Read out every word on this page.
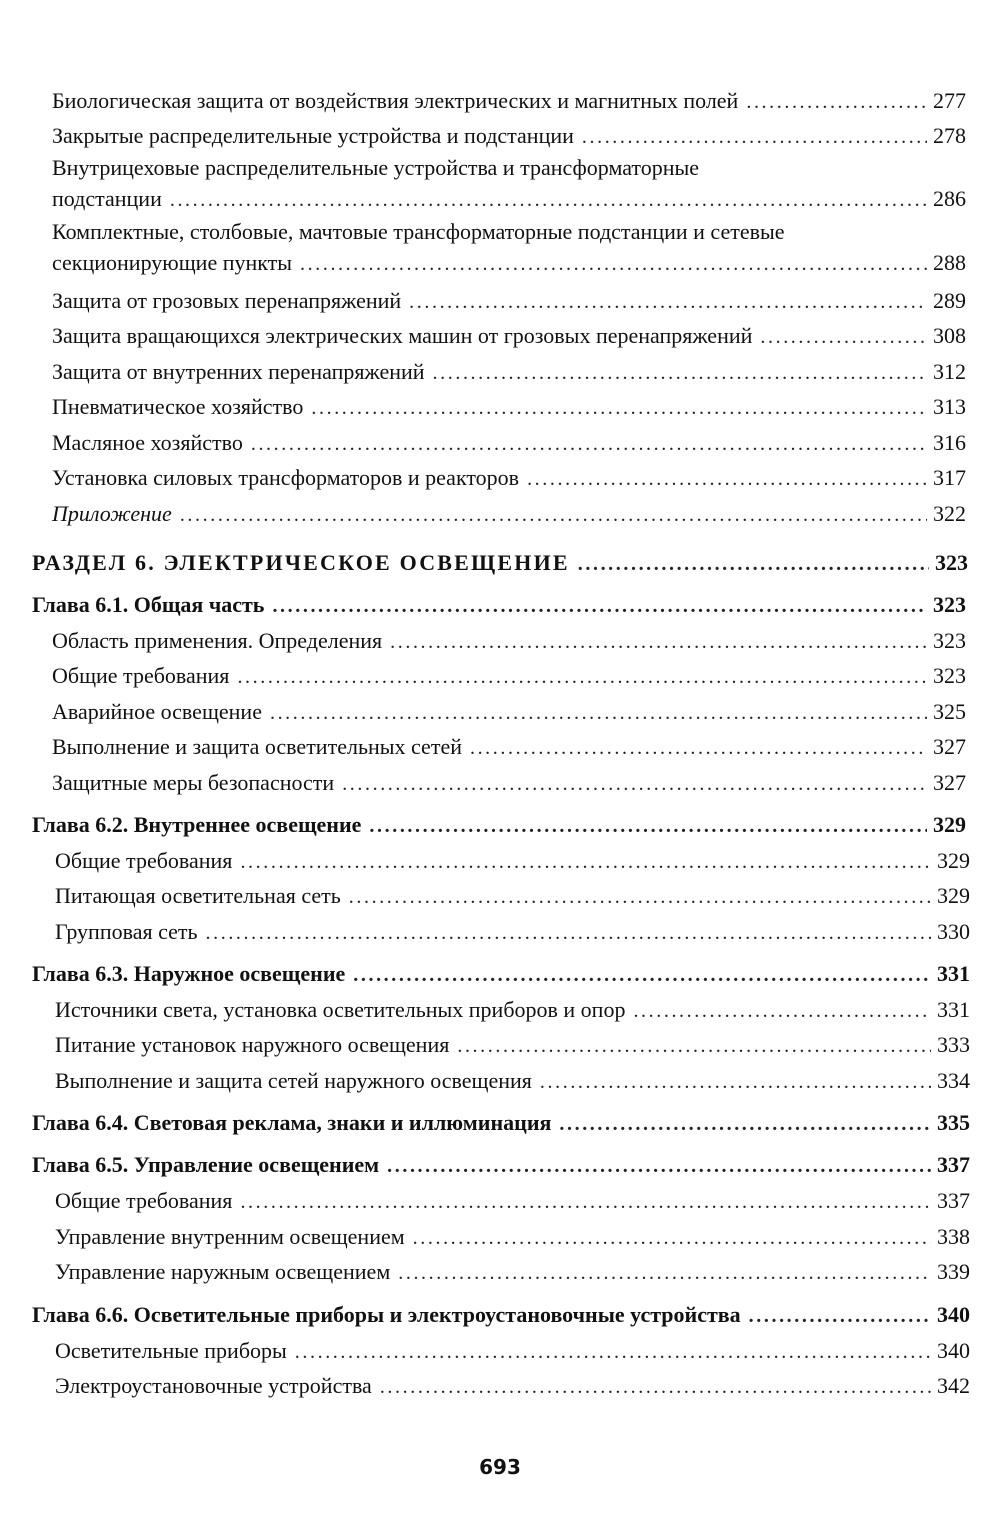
Биологическая защита от воздействия электрических и магнитных полей . . .	277
Закрытые распределительные устройства и подстанции . . .	278
Внутрицеховые распределительные устройства и трансформаторные
подстанции . . .	286
Комплектные, столбовые, мачтовые трансформаторные подстанции и сетевые
секционирующие пункты . . .	288
Защита от грозовых перенапряжений . . .	289
Защита вращающихся электрических машин от грозовых перенапряжений . . .	308
Защита от внутренних перенапряжений . . .	312
Пневматическое хозяйство . . .	313
Масляное хозяйство . . .	316
Установка силовых трансформаторов и реакторов . . .	317
Приложение . . .	322
РАЗДЕЛ 6. ЭЛЕКТРИЧЕСКОЕ ОСВЕЩЕНИЕ . . .	323
Глава 6.1. Общая часть . . .	323
Область применения. Определения . . .	323
Общие требования . . .	323
Аварийное освещение . . .	325
Выполнение и защита осветительных сетей . . .	327
Защитные меры безопасности . . .	327
Глава 6.2. Внутреннее освещение . . .	329
Общие требования . . .	329
Питающая осветительная сеть . . .	329
Групповая сеть . . .	330
Глава 6.3. Наружное освещение . . .	331
Источники света, установка осветительных приборов и опор . . .	331
Питание установок наружного освещения . . .	333
Выполнение и защита сетей наружного освещения . . .	334
Глава 6.4. Световая реклама, знаки и иллюминация . . .	335
Глава 6.5. Управление освещением . . .	337
Общие требования . . .	337
Управление внутренним освещением . . .	338
Управление наружным освещением . . .	339
Глава 6.6. Осветительные приборы и электроустановочные устройства . . .	340
Осветительные приборы . . .	340
Электроустановочные устройства . . .	342
693
